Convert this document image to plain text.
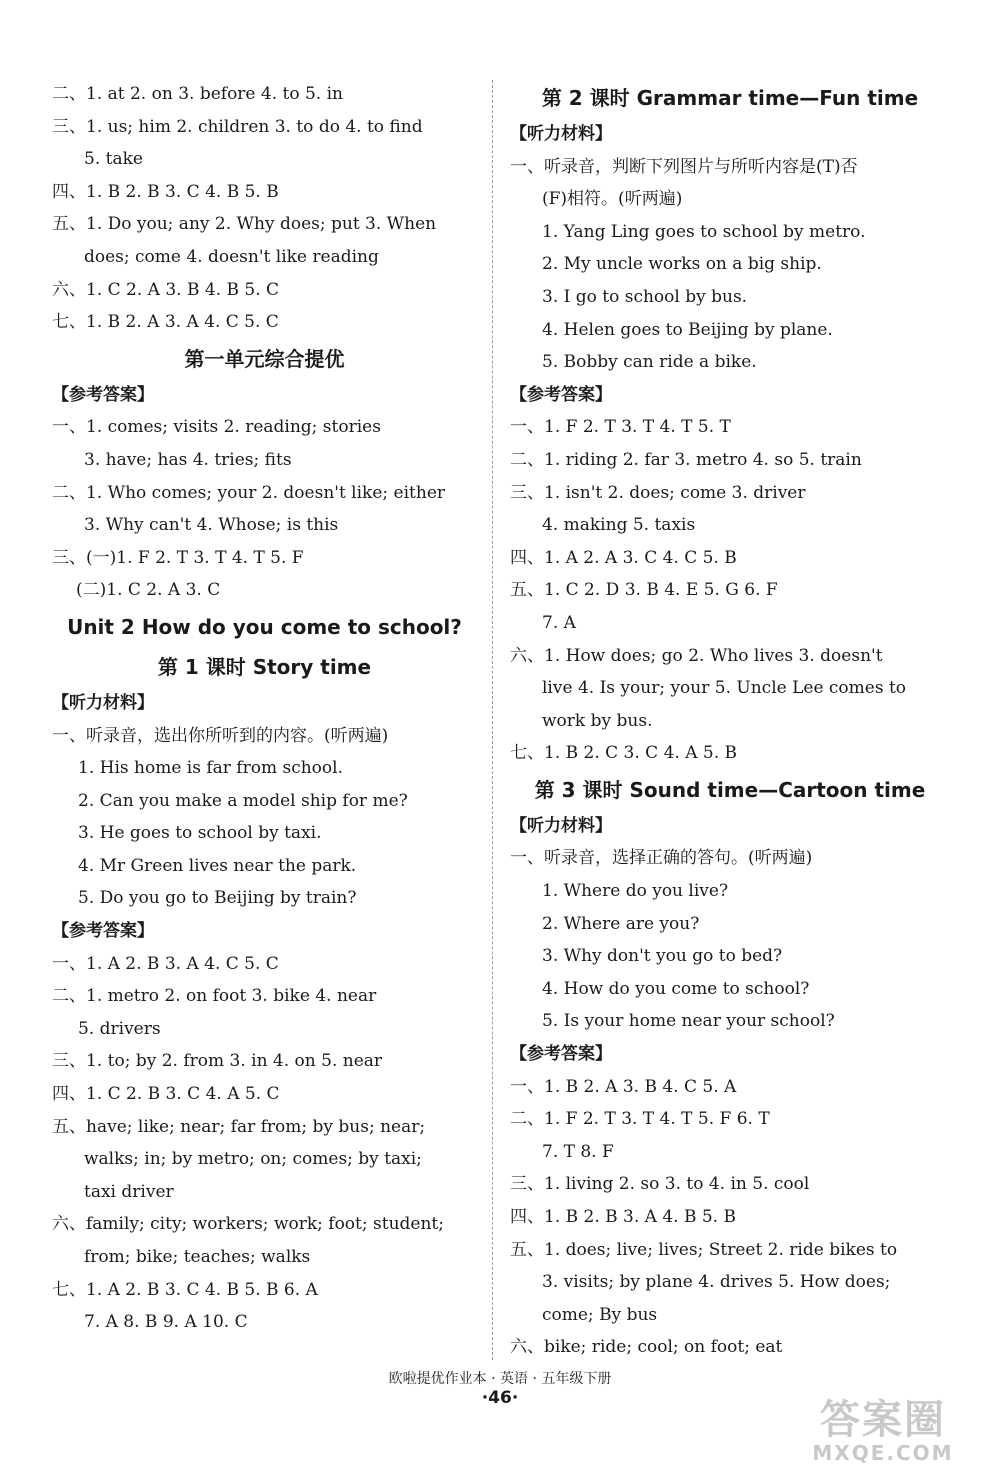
二、1. at 2. on 3. before 4. to 5. in
三、1. us; him 2. children 3. to do 4. to find
5. take
四、1. B 2. B 3. C 4. B 5. B
五、1. Do you; any 2. Why does; put 3. When
does; come 4. doesn't like reading
六、1. C 2. A 3. B 4. B 5. C
七、1. B 2. A 3. A 4. C 5. C
第一单元综合提优
【参考答案】
一、1. comes; visits 2. reading; stories
3. have; has 4. tries; fits
二、1. Who comes; your 2. doesn't like; either
3. Why can't 4. Whose; is this
三、(一)1. F 2. T 3. T 4. T 5. F
(二)1. C 2. A 3. C
Unit 2 How do you come to school?
第 1 课时 Story time
【听力材料】
一、听录音，选出你所听到的内容。(听两遍)
1. His home is far from school.
2. Can you make a model ship for me?
3. He goes to school by taxi.
4. Mr Green lives near the park.
5. Do you go to Beijing by train?
【参考答案】
一、1. A 2. B 3. A 4. C 5. C
二、1. metro 2. on foot 3. bike 4. near
5. drivers
三、1. to; by 2. from 3. in 4. on 5. near
四、1. C 2. B 3. C 4. A 5. C
五、have; like; near; far from; by bus; near;
walks; in; by metro; on; comes; by taxi;
taxi driver
六、family; city; workers; work; foot; student;
from; bike; teaches; walks
七、1. A 2. B 3. C 4. B 5. B 6. A
7. A 8. B 9. A 10. C
第 2 课时 Grammar time—Fun time
【听力材料】
一、听录音，判断下列图片与所听内容是(T)否
(F)相符。(听两遍)
1. Yang Ling goes to school by metro.
2. My uncle works on a big ship.
3. I go to school by bus.
4. Helen goes to Beijing by plane.
5. Bobby can ride a bike.
【参考答案】
一、1. F 2. T 3. T 4. T 5. T
二、1. riding 2. far 3. metro 4. so 5. train
三、1. isn't 2. does; come 3. driver
4. making 5. taxis
四、1. A 2. A 3. C 4. C 5. B
五、1. C 2. D 3. B 4. E 5. G 6. F
7. A
六、1. How does; go 2. Who lives 3. doesn't
live 4. Is your; your 5. Uncle Lee comes to
work by bus.
七、1. B 2. C 3. C 4. A 5. B
第 3 课时 Sound time—Cartoon time
【听力材料】
一、听录音，选择正确的答句。(听两遍)
1. Where do you live?
2. Where are you?
3. Why don't you go to bed?
4. How do you come to school?
5. Is your home near your school?
【参考答案】
一、1. B 2. A 3. B 4. C 5. A
二、1. F 2. T 3. T 4. T 5. F 6. T
7. T 8. F
三、1. living 2. so 3. to 4. in 5. cool
四、1. B 2. B 3. A 4. B 5. B
五、1. does; live; lives; Street 2. ride bikes to
3. visits; by plane 4. drives 5. How does;
come; By bus
六、bike; ride; cool; on foot; eat
欧啦提优作业本 · 英语 · 五年级下册
·46·	答案圈
MXQE.COM
